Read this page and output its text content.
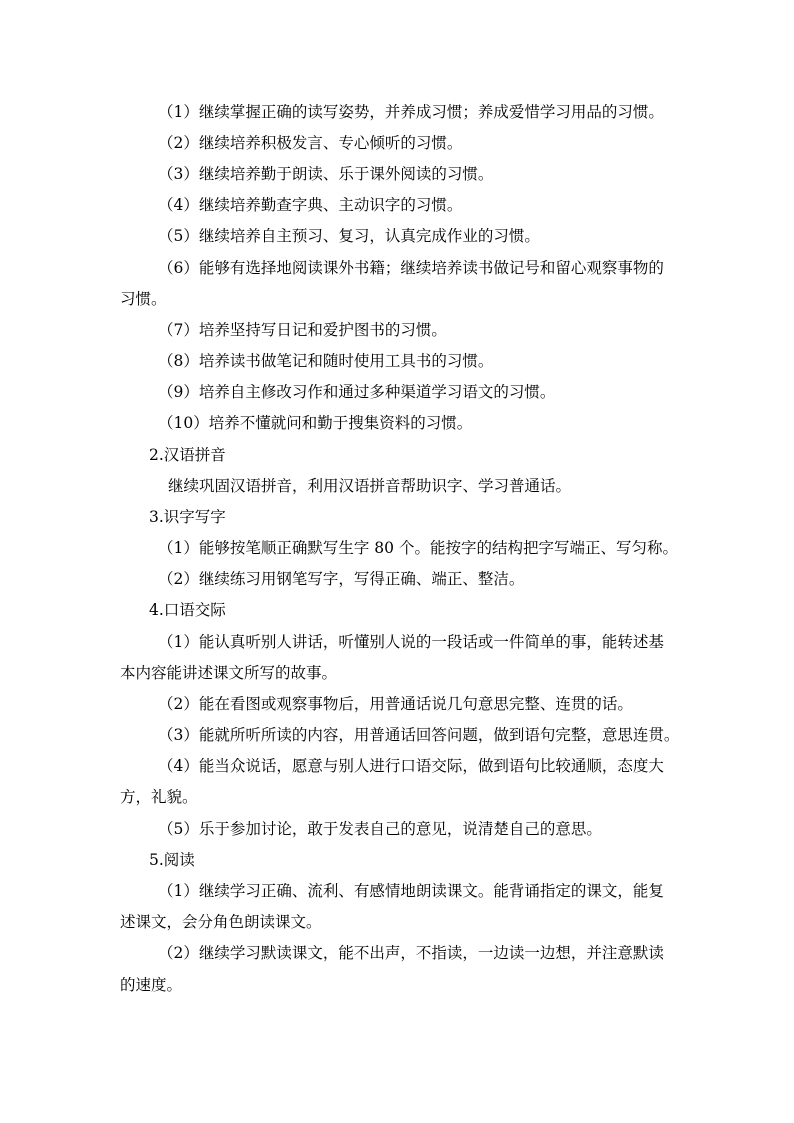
（1）继续掌握正确的读写姿势，并养成习惯；养成爱惜学习用品的习惯。
（2）继续培养积极发言、专心倾听的习惯。
（3）继续培养勤于朗读、乐于课外阅读的习惯。
（4）继续培养勤查字典、主动识字的习惯。
（5）继续培养自主预习、复习，认真完成作业的习惯。
（6）能够有选择地阅读课外书籍；继续培养读书做记号和留心观察事物的
习惯。
（7）培养坚持写日记和爱护图书的习惯。
（8）培养读书做笔记和随时使用工具书的习惯。
（9）培养自主修改习作和通过多种渠道学习语文的习惯。
（10）培养不懂就问和勤于搜集资料的习惯。
2.汉语拼音
继续巩固汉语拼音，利用汉语拼音帮助识字、学习普通话。
3.识字写字
（1）能够按笔顺正确默写生字 80 个。能按字的结构把字写端正、写匀称。
（2）继续练习用钢笔写字，写得正确、端正、整洁。
4.口语交际
（1）能认真听别人讲话，听懂别人说的一段话或一件简单的事，能转述基
本内容能讲述课文所写的故事。
（2）能在看图或观察事物后，用普通话说几句意思完整、连贯的话。
（3）能就所听所读的内容，用普通话回答问题，做到语句完整，意思连贯。
（4）能当众说话，愿意与别人进行口语交际，做到语句比较通顺，态度大
方，礼貌。
（5）乐于参加讨论，敢于发表自己的意见，说清楚自己的意思。
5.阅读
（1）继续学习正确、流利、有感情地朗读课文。能背诵指定的课文，能复
述课文，会分角色朗读课文。
（2）继续学习默读课文，能不出声，不指读，一边读一边想，并注意默读
的速度。
